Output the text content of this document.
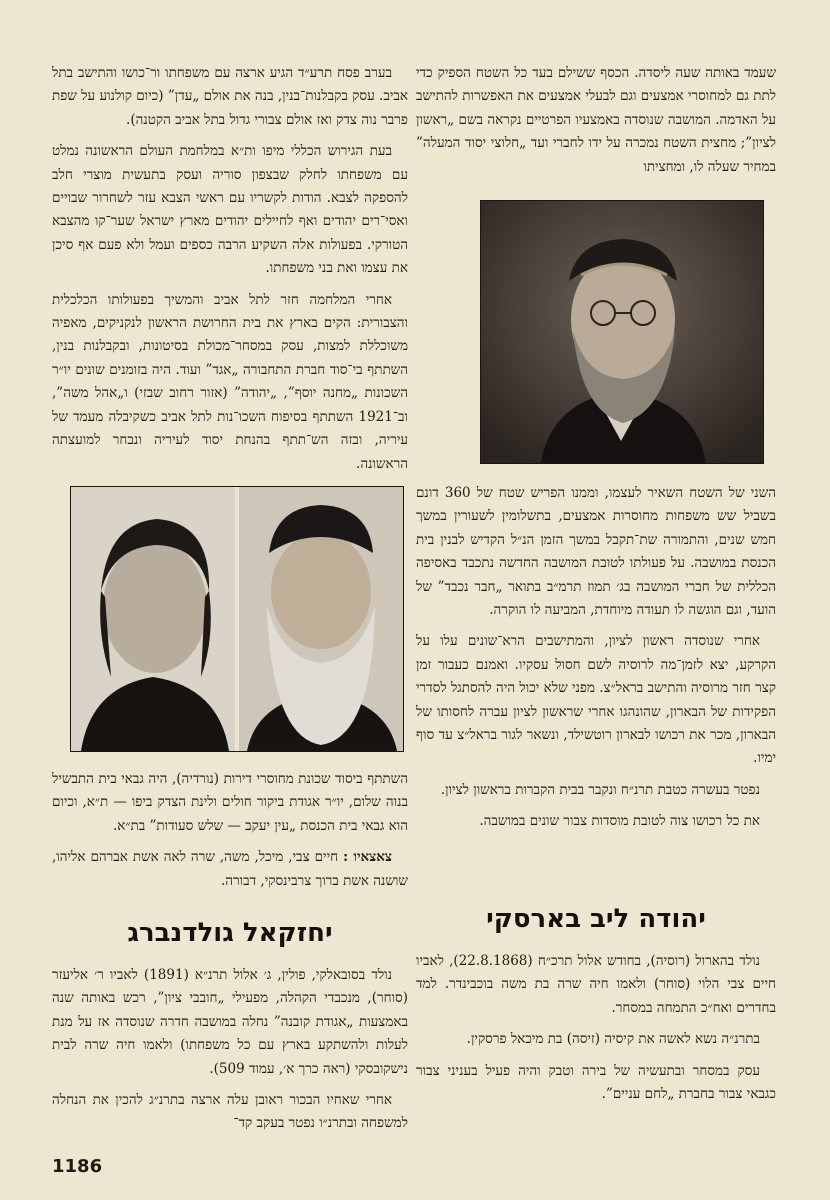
שעמד באותה שעה ליסדה. הכסף ששילם בעד כל השטח הספיק כדי לתת גם למחוסרי אמצעים וגם לבעלי אמצעים את האפשרות להתישב על האדמה. המושבה שנוסדה באמצעיו הפרטיים נקראה בשם „ראשון לציון”; מחצית השטח נמכרה על ידו לחברי ועד „חלוצי יסוד המעלה” במחיר שעלה לו, ומחציתו

השני של השטח השאיר לעצמו, וממנו הפריש שטח של 360 דונם בשביל שש משפחות מחוסרות אמצעים, בתשלומין לשעורין במשך חמש שנים, והתמורה שת־תקבל במשך הזמן הנ״ל הקדיש לבנין בית הכנסת במושבה. על פעולתו לטובת המושבה החדשה נתכבד באסיפה הכללית של חברי המושבה בג׳ תמוז תרמ״ב בתואר „חבר נכבד” של הועד, וגם הוגשה לו תעודה מיוחדת, המביעה לו הוקרה.

אחרי שנוסדה ראשון לציון, והמתישבים הרא־שונים עלו על הקרקע, יצא לזמן־מה לרוסיה לשם חסול עסקיו. ואמנם כעבור זמן קצר חזר מרוסיה והתישב בראל״צ. מפני שלא יכול היה להסתגל לסדרי הפקידות של הבארון, שהונהגו אחרי שראשון לציון עברה לחסותו של הבארון, מכר את רכושו לבארון רוטשילד, ונשאר לגור בראל״צ עד סוף ימיו.

נפטר בעשרה כטבת תרנ״ח ונקבר בבית הקברות בראשון לציון.

את כל רכושו צוה לטובת מוסדות צבור שונים במושבה.

יהודה ליב בארסקי

נולד בהארול (רוסיה), בחודש אלול תרכ״ח (22.8.1868), לאביו חיים צבי הלוי (סוחר) ולאמו חיה שרה בת משה בוכבינדר. למד בחדרים ואח״כ התמחה במסחר.

בתרנ״ה נשא לאשה את קיסיה (זיסה) בת מיכאל פרסקין.

עסק במסחר ובתעשיה של בירה וטבק והיה פעיל בעניני צבור כגבאי צבור בחברת „לחם עניים”.

בערב פסח תרע״ד הגיע ארצה עם משפחתו ור־כושו והתישב בתל אביב. עסק בקבלנות־בנין, בנה את אולם „עדן” (כיום קולנוע על שפת פרבר נוה צדק ואז אולם צבורי גדול בתל אביב הקטנה).

בעת הגירוש הכללי מיפו ות״א במלחמת העולם הראשונה נמלט עם משפחתו לחלק שבצפון סוריה ועסק בתעשית מוצרי חלב להספקה לצבא. הודות לקשריו עם ראשי הצבא עזר לשחרור שבויים ואסי־רים יהודים ואף לחיילים יהודים מארץ ישראל שער־קו מהצבא הטורקי. בפעולות אלה השקיע הרבה כספים ועמל ולא פעם אף סיכן את עצמו ואת בני משפחתו.

אחרי המלחמה חזר לתל אביב והמשיך בפעולותו הכלכלית והצבורית: הקים בארץ את בית החרושת הראשון לנקניקים, מאפיה משוכללת למצות, עסק במסחר־מכולת בסיטונות, ובקבלנות בנין, השתתף בי־סוד חברת התחבורה „אגד” ועוד. היה בזומנים שונים יו״ר השכונות „מחנה יוסף”, „יהודה” (אזור רחוב שבזי) ו„אהל משה”, וב־1921 השתתף בסיפוח השכו־נות לתל אביב כשקיבלה מעמד של עיריה, ובזה הש־תתף בהנחת יסוד לעיריה ונבחר למועצתה הראשונה.

השתתף ביסוד שכונת מחוסרי דירות (נורדיה), היה גבאי בית התבשיל בנוה שלום, יו״ר אגודת ביקור חולים ולינת הצדק ביפו — ת״א, וכיום הוא גבאי בית הכנסת „עין יעקב — שלש סעודות” בת״א.

צאצאיו : חיים צבי, מיכל, משה, שרה לאה אשת אברהם אליהו, שושנה אשת ברוך צרבינסקי, דבורה.

יחזקאל גולדנברג

נולד בסובאלקי, פולין, ג׳ אלול תרנ״א (1891) לאביו ר׳ אליעזר (סוחר), מנכבדי הקהלה, מפעילי „חובבי ציון”, רכש באותה שנה באמצעות „אגודת קובנה” נחלה במושבה חדרה שנוסדה אז על מנת לעלות ולהשתקע בארץ עם כל משפחתו) ולאמו חיה שרה לבית נישקובסקי (ראה כרך א׳, עמוד 509).

אחרי שאחיו הבכור ראובן עלה ארצה בתרנ״ג להכין את הנחלה למשפחה ובתרנ״ו נפטר בעקב קד־

1186
